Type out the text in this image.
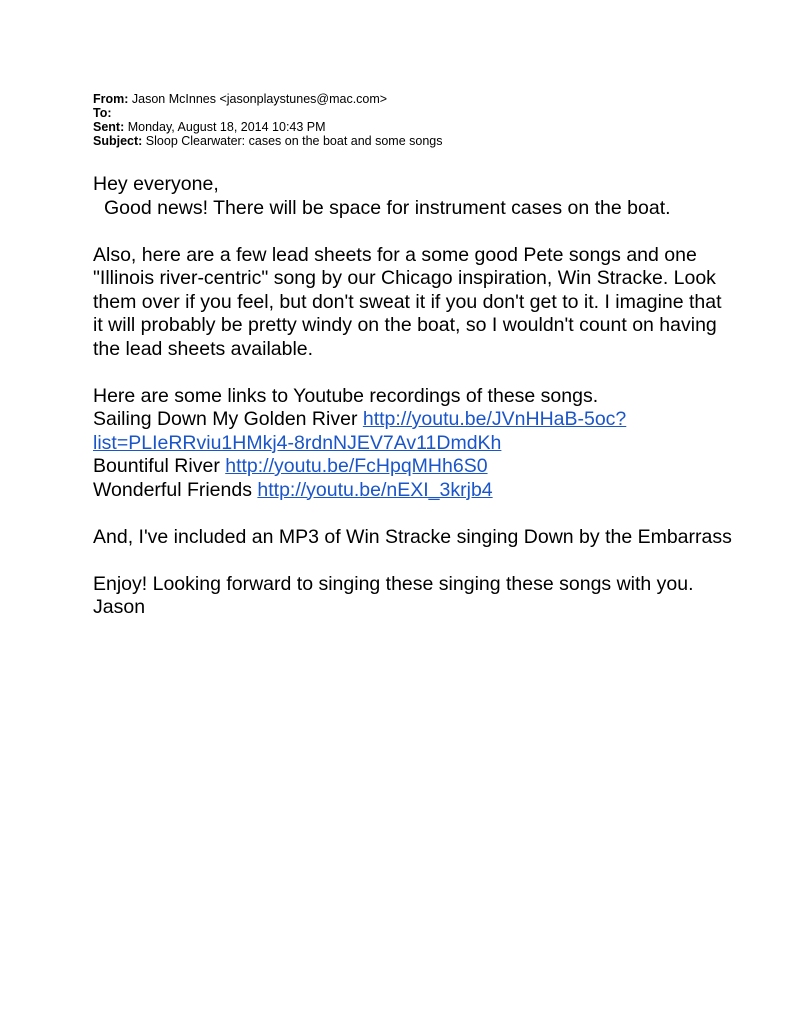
From: Jason McInnes <jasonplaystunes@mac.com>
To:
Sent: Monday, August 18, 2014 10:43 PM
Subject: Sloop Clearwater: cases on the boat and some songs

Hey everyone,

Good news! There will be space for instrument cases on the boat.

Also, here are a few lead sheets for a some good Pete songs and one "Illinois river-centric" song by our Chicago inspiration, Win Stracke. Look them over if you feel, but don't sweat it if you don't get to it. I imagine that it will probably be pretty windy on the boat, so I wouldn't count on having the lead sheets available.

Here are some links to Youtube recordings of these songs.

Sailing Down My Golden River http://youtu.be/JVnHHaB-5oc?
list=PLIeRRviu1HMkj4-8rdnNJEV7Av11DmdKh
Bountiful River http://youtu.be/FcHpqMHh6S0
Wonderful Friends http://youtu.be/nEXI_3krjb4

And, I've included an MP3 of Win Stracke singing Down by the Embarrass

Enjoy! Looking forward to singing these singing these songs with you.

Jason
